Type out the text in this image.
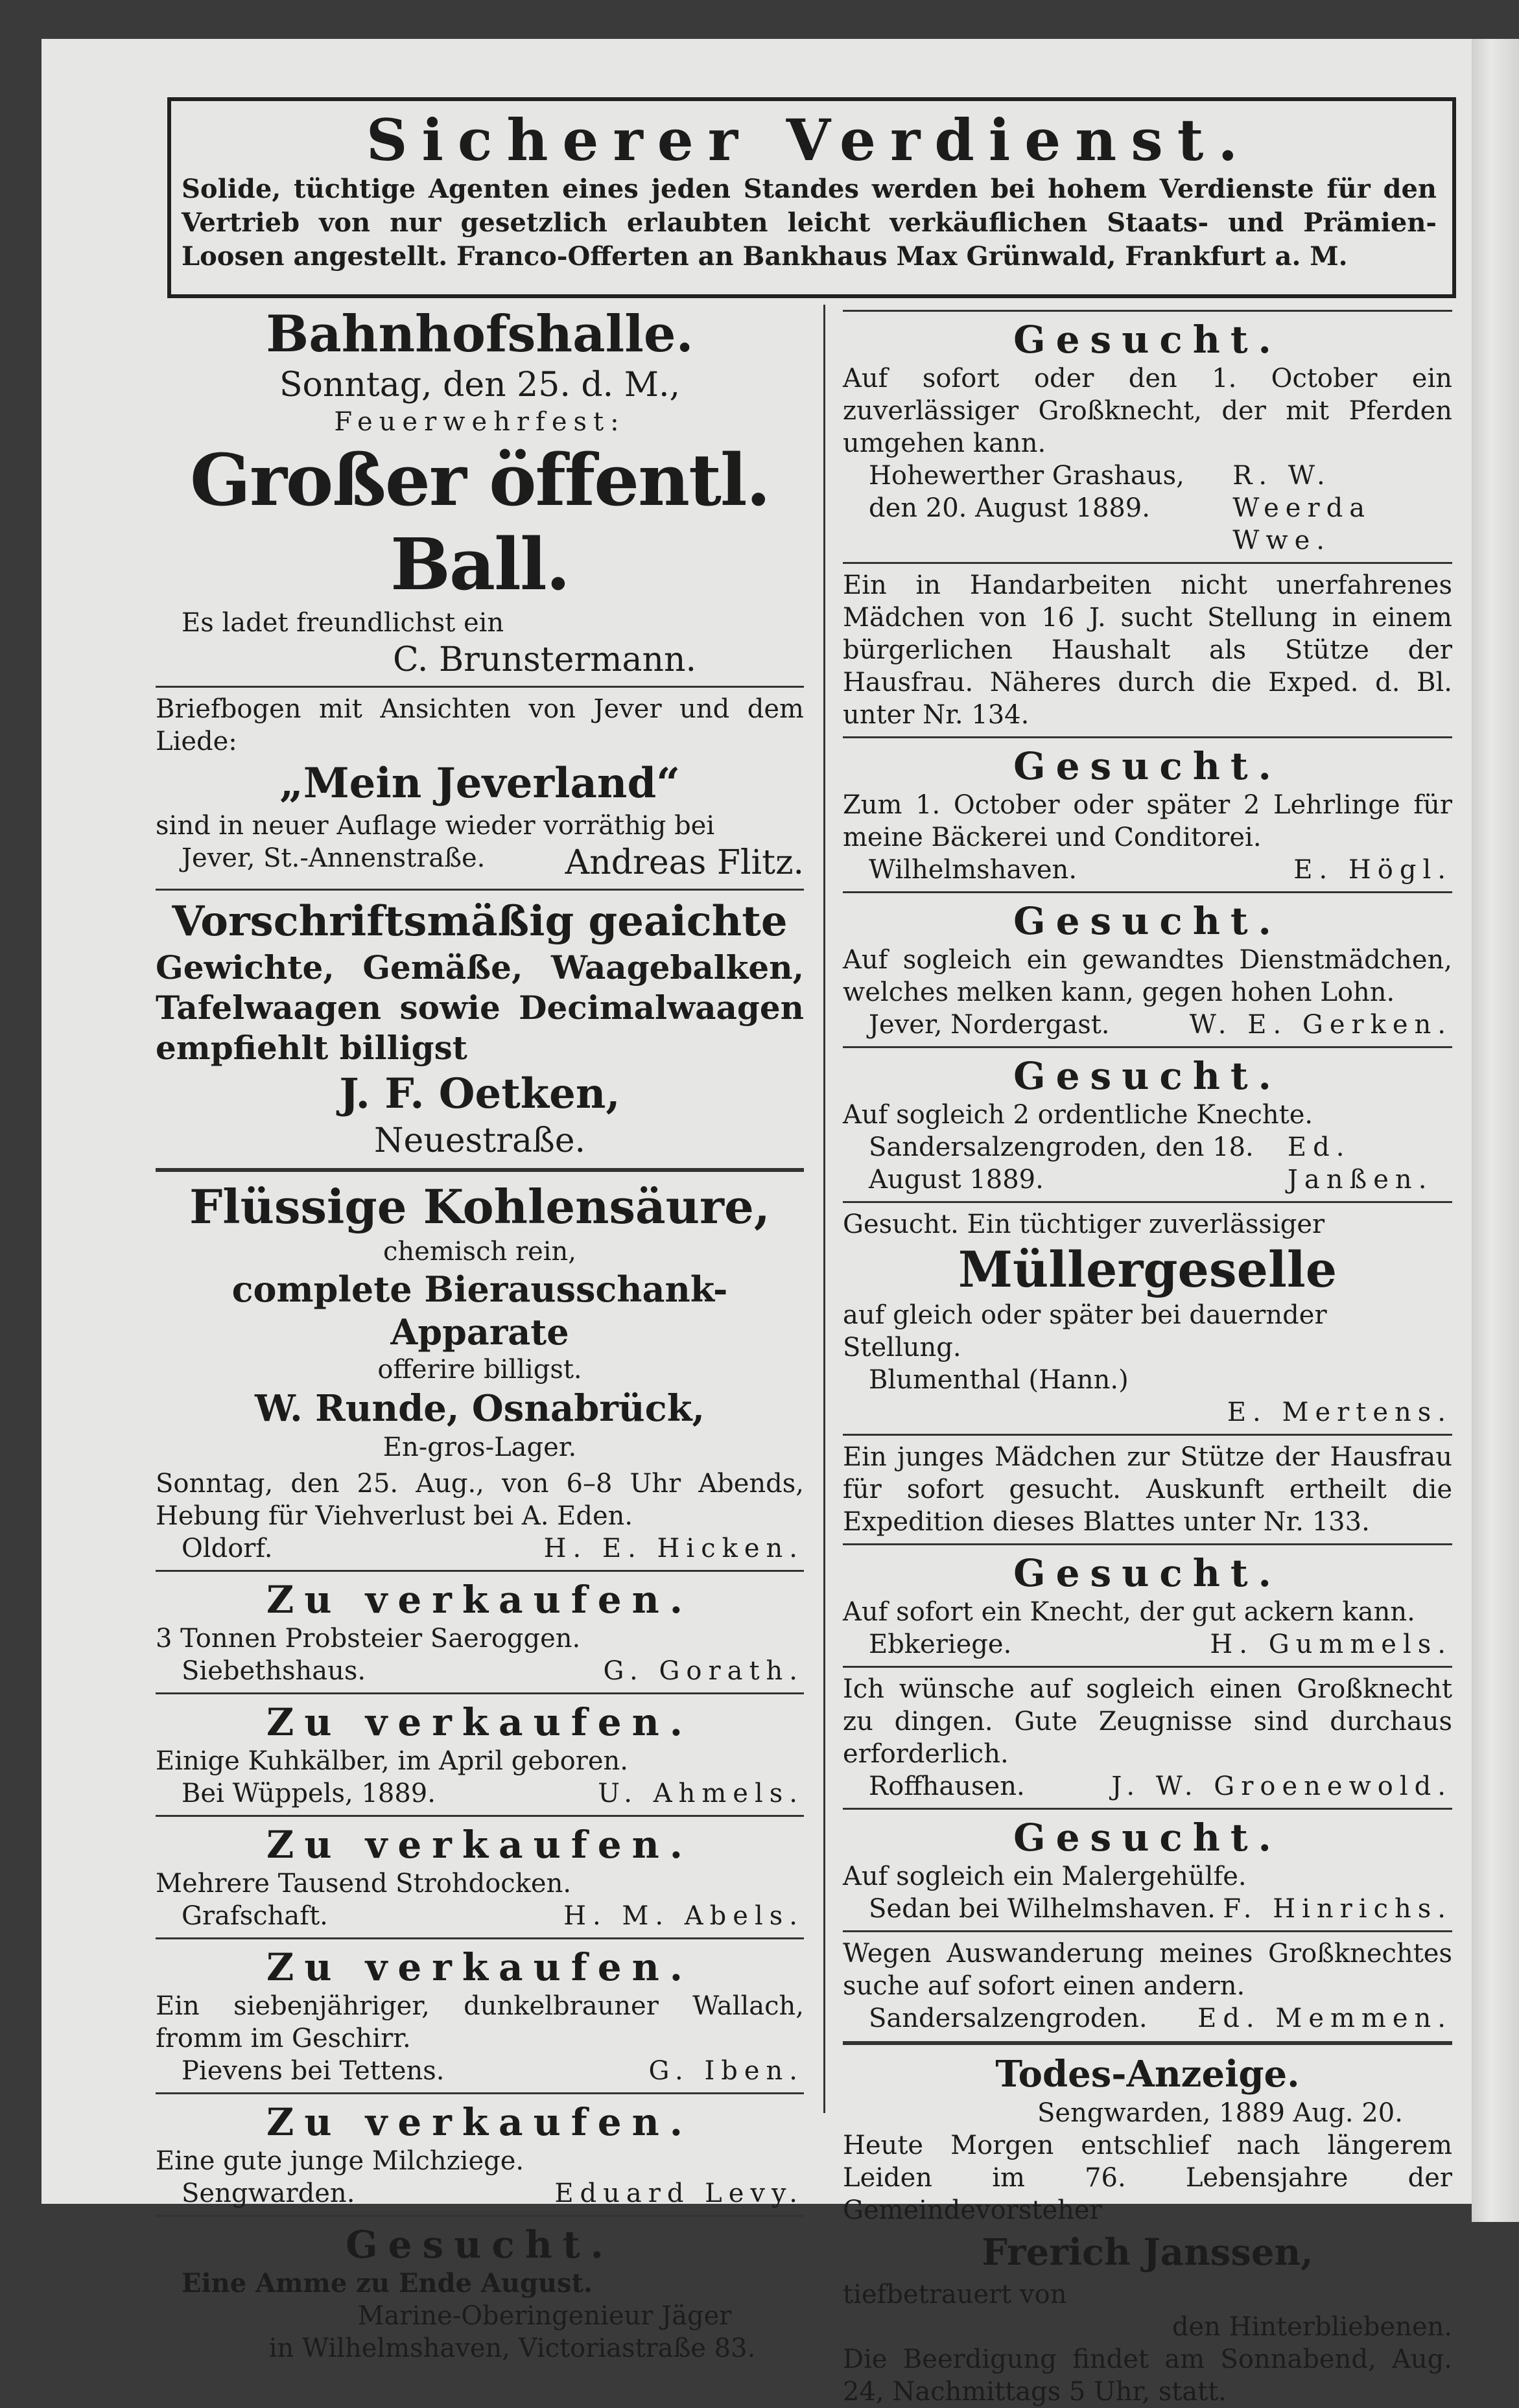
Sicherer Verdienst.
Solide, tüchtige Agenten eines jeden Standes werden bei hohem Verdienste für den Vertrieb von nur gesetzlich erlaubten leicht verkäuflichen Staats- und Prämien-Loosen angestellt. Franco-Offerten an Bankhaus Max Grünwald, Frankfurt a. M.
Bahnhofshalle.
Sonntag, den 25. d. M.,
Feuerwehrfest:
Großer öffentl. Ball.
Es ladet freundlichst ein
C. Brunstermann.
Briefbogen mit Ansichten von Jever und dem Liede:
„Mein Jeverland“
sind in neuer Auflage wieder vorräthig bei
Jever, St.-Annenstraße. Andreas Flitz.
Vorschriftsmäßig geaichte
Gewichte, Gemäße, Waagebalken, Tafelwaagen sowie Decimalwaagen empfiehlt billigst
J. F. Oetken,
Neuestraße.
Flüssige Kohlensäure,
chemisch rein,
complete Bierausschank-Apparate
offerire billigst.
W. Runde, Osnabrück,
En-gros-Lager.
Sonntag, den 25. Aug., von 6–8 Uhr Abends, Hebung für Viehverlust bei A. Eden.
Oldorf.	H. E. Hicken.
Zu verkaufen.
3 Tonnen Probsteier Saeroggen.
Siebethshaus.	G. Gorath.
Zu verkaufen.
Einige Kuhkälber, im April geboren.
Bei Wüppels, 1889.	U. Ahmels.
Zu verkaufen.
Mehrere Tausend Strohdocken.
Grafschaft.	H. M. Abels.
Zu verkaufen.
Ein siebenjähriger, dunkelbrauner Wallach, fromm im Geschirr.
Pievens bei Tettens.	G. Iben.
Zu verkaufen.
Eine gute junge Milchziege.
Sengwarden.	Eduard Levy.
Gesucht.
Eine Amme zu Ende August.
Marine-Oberingenieur Jäger
in Wilhelmshaven, Victoriastraße 83.
Gesucht.
Auf sofort oder den 1. October ein zuverlässiger Großknecht, der mit Pferden umgehen kann.
Hohewerther Grashaus, den 20. August 1889.
R. W. Weerda Wwe.
Ein in Handarbeiten nicht unerfahrenes Mädchen von 16 J. sucht Stellung in einem bürgerlichen Haushalt als Stütze der Hausfrau. Näheres durch die Exped. d. Bl. unter Nr. 134.
Gesucht.
Zum 1. October oder später 2 Lehrlinge für meine Bäckerei und Conditorei.
Wilhelmshaven.	E. Högl.
Gesucht.
Auf sogleich ein gewandtes Dienstmädchen, welches melken kann, gegen hohen Lohn.
Jever, Nordergast.	W. E. Gerken.
Gesucht.
Auf sogleich 2 ordentliche Knechte.
Sandersalzengroden, den 18. August 1889.
Ed. Janßen.
Gesucht. Ein tüchtiger zuverlässiger
Müllergeselle
auf gleich oder später bei dauernder Stellung.
Blumenthal (Hann.)
E. Mertens.
Ein junges Mädchen zur Stütze der Hausfrau für sofort gesucht. Auskunft ertheilt die Expedition dieses Blattes unter Nr. 133.
Gesucht.
Auf sofort ein Knecht, der gut ackern kann.
Ebkeriege.	H. Gummels.
Ich wünsche auf sogleich einen Großknecht zu dingen. Gute Zeugnisse sind durchaus erforderlich.
Roffhausen.	J. W. Groenewold.
Gesucht.
Auf sogleich ein Malergehülfe.
Sedan bei Wilhelmshaven. F. Hinrichs.
Wegen Auswanderung meines Großknechtes suche auf sofort einen andern.
Sandersalzengroden. Ed. Memmen.
Todes-Anzeige.
Sengwarden, 1889 Aug. 20.
Heute Morgen entschlief nach längerem Leiden im 76. Lebensjahre der Gemeindevorsteher
Frerich Janssen,
tiefbetrauert von
den Hinterbliebenen.
Die Beerdigung findet am Sonnabend, Aug. 24, Nachmittags 5 Uhr, statt.
